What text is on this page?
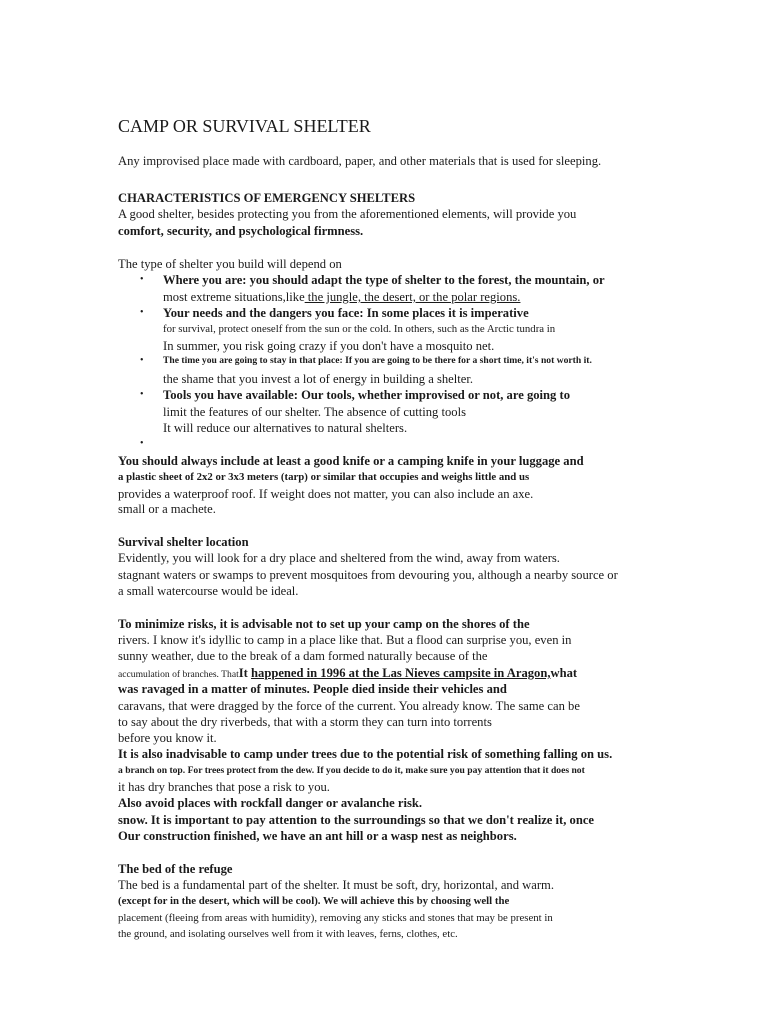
CAMP OR SURVIVAL SHELTER
Any improvised place made with cardboard, paper, and other materials that is used for sleeping.
CHARACTERISTICS OF EMERGENCY SHELTERS
A good shelter, besides protecting you from the aforementioned elements, will provide you
comfort, security, and psychological firmness.
The type of shelter you build will depend on
• Where you are: you should adapt the type of shelter to the forest, the mountain, or
most extreme situations,like the jungle, the desert, or the polar regions.
• Your needs and the dangers you face: In some places it is imperative
for survival, protect oneself from the sun or the cold. In others, such as the Arctic tundra in
In summer, you risk going crazy if you don't have a mosquito net.
• The time you are going to stay in that place: If you are going to be there for a short time, it's not worth it.
the shame that you invest a lot of energy in building a shelter.
• Tools you have available: Our tools, whether improvised or not, are going to
limit the features of our shelter. The absence of cutting tools
It will reduce our alternatives to natural shelters.
•
You should always include at least a good knife or a camping knife in your luggage and
a plastic sheet of 2x2 or 3x3 meters (tarp) or similar that occupies and weighs little and us
provides a waterproof roof. If weight does not matter, you can also include an axe.
small or a machete.
Survival shelter location
Evidently, you will look for a dry place and sheltered from the wind, away from waters.
stagnant waters or swamps to prevent mosquitoes from devouring you, although a nearby source or
a small watercourse would be ideal.
To minimize risks, it is advisable not to set up your camp on the shores of the
rivers. I know it's idyllic to camp in a place like that. But a flood can surprise you, even in
sunny weather, due to the break of a dam formed naturally because of the
accumulation of branches. ThatIt happened in 1996 at the Las Nieves campsite in Aragon,what
was ravaged in a matter of minutes. People died inside their vehicles and
caravans, that were dragged by the force of the current. You already know. The same can be
to say about the dry riverbeds, that with a storm they can turn into torrents
before you know it.
It is also inadvisable to camp under trees due to the potential risk of something falling on us.
a branch on top. For trees protect from the dew. If you decide to do it, make sure you pay attention that it does not
it has dry branches that pose a risk to you.
Also avoid places with rockfall danger or avalanche risk.
snow. It is important to pay attention to the surroundings so that we don't realize it, once
Our construction finished, we have an ant hill or a wasp nest as neighbors.
The bed of the refuge
The bed is a fundamental part of the shelter. It must be soft, dry, horizontal, and warm.
(except for in the desert, which will be cool). We will achieve this by choosing well the
placement (fleeing from areas with humidity), removing any sticks and stones that may be present in
the ground, and isolating ourselves well from it with leaves, ferns, clothes, etc.
